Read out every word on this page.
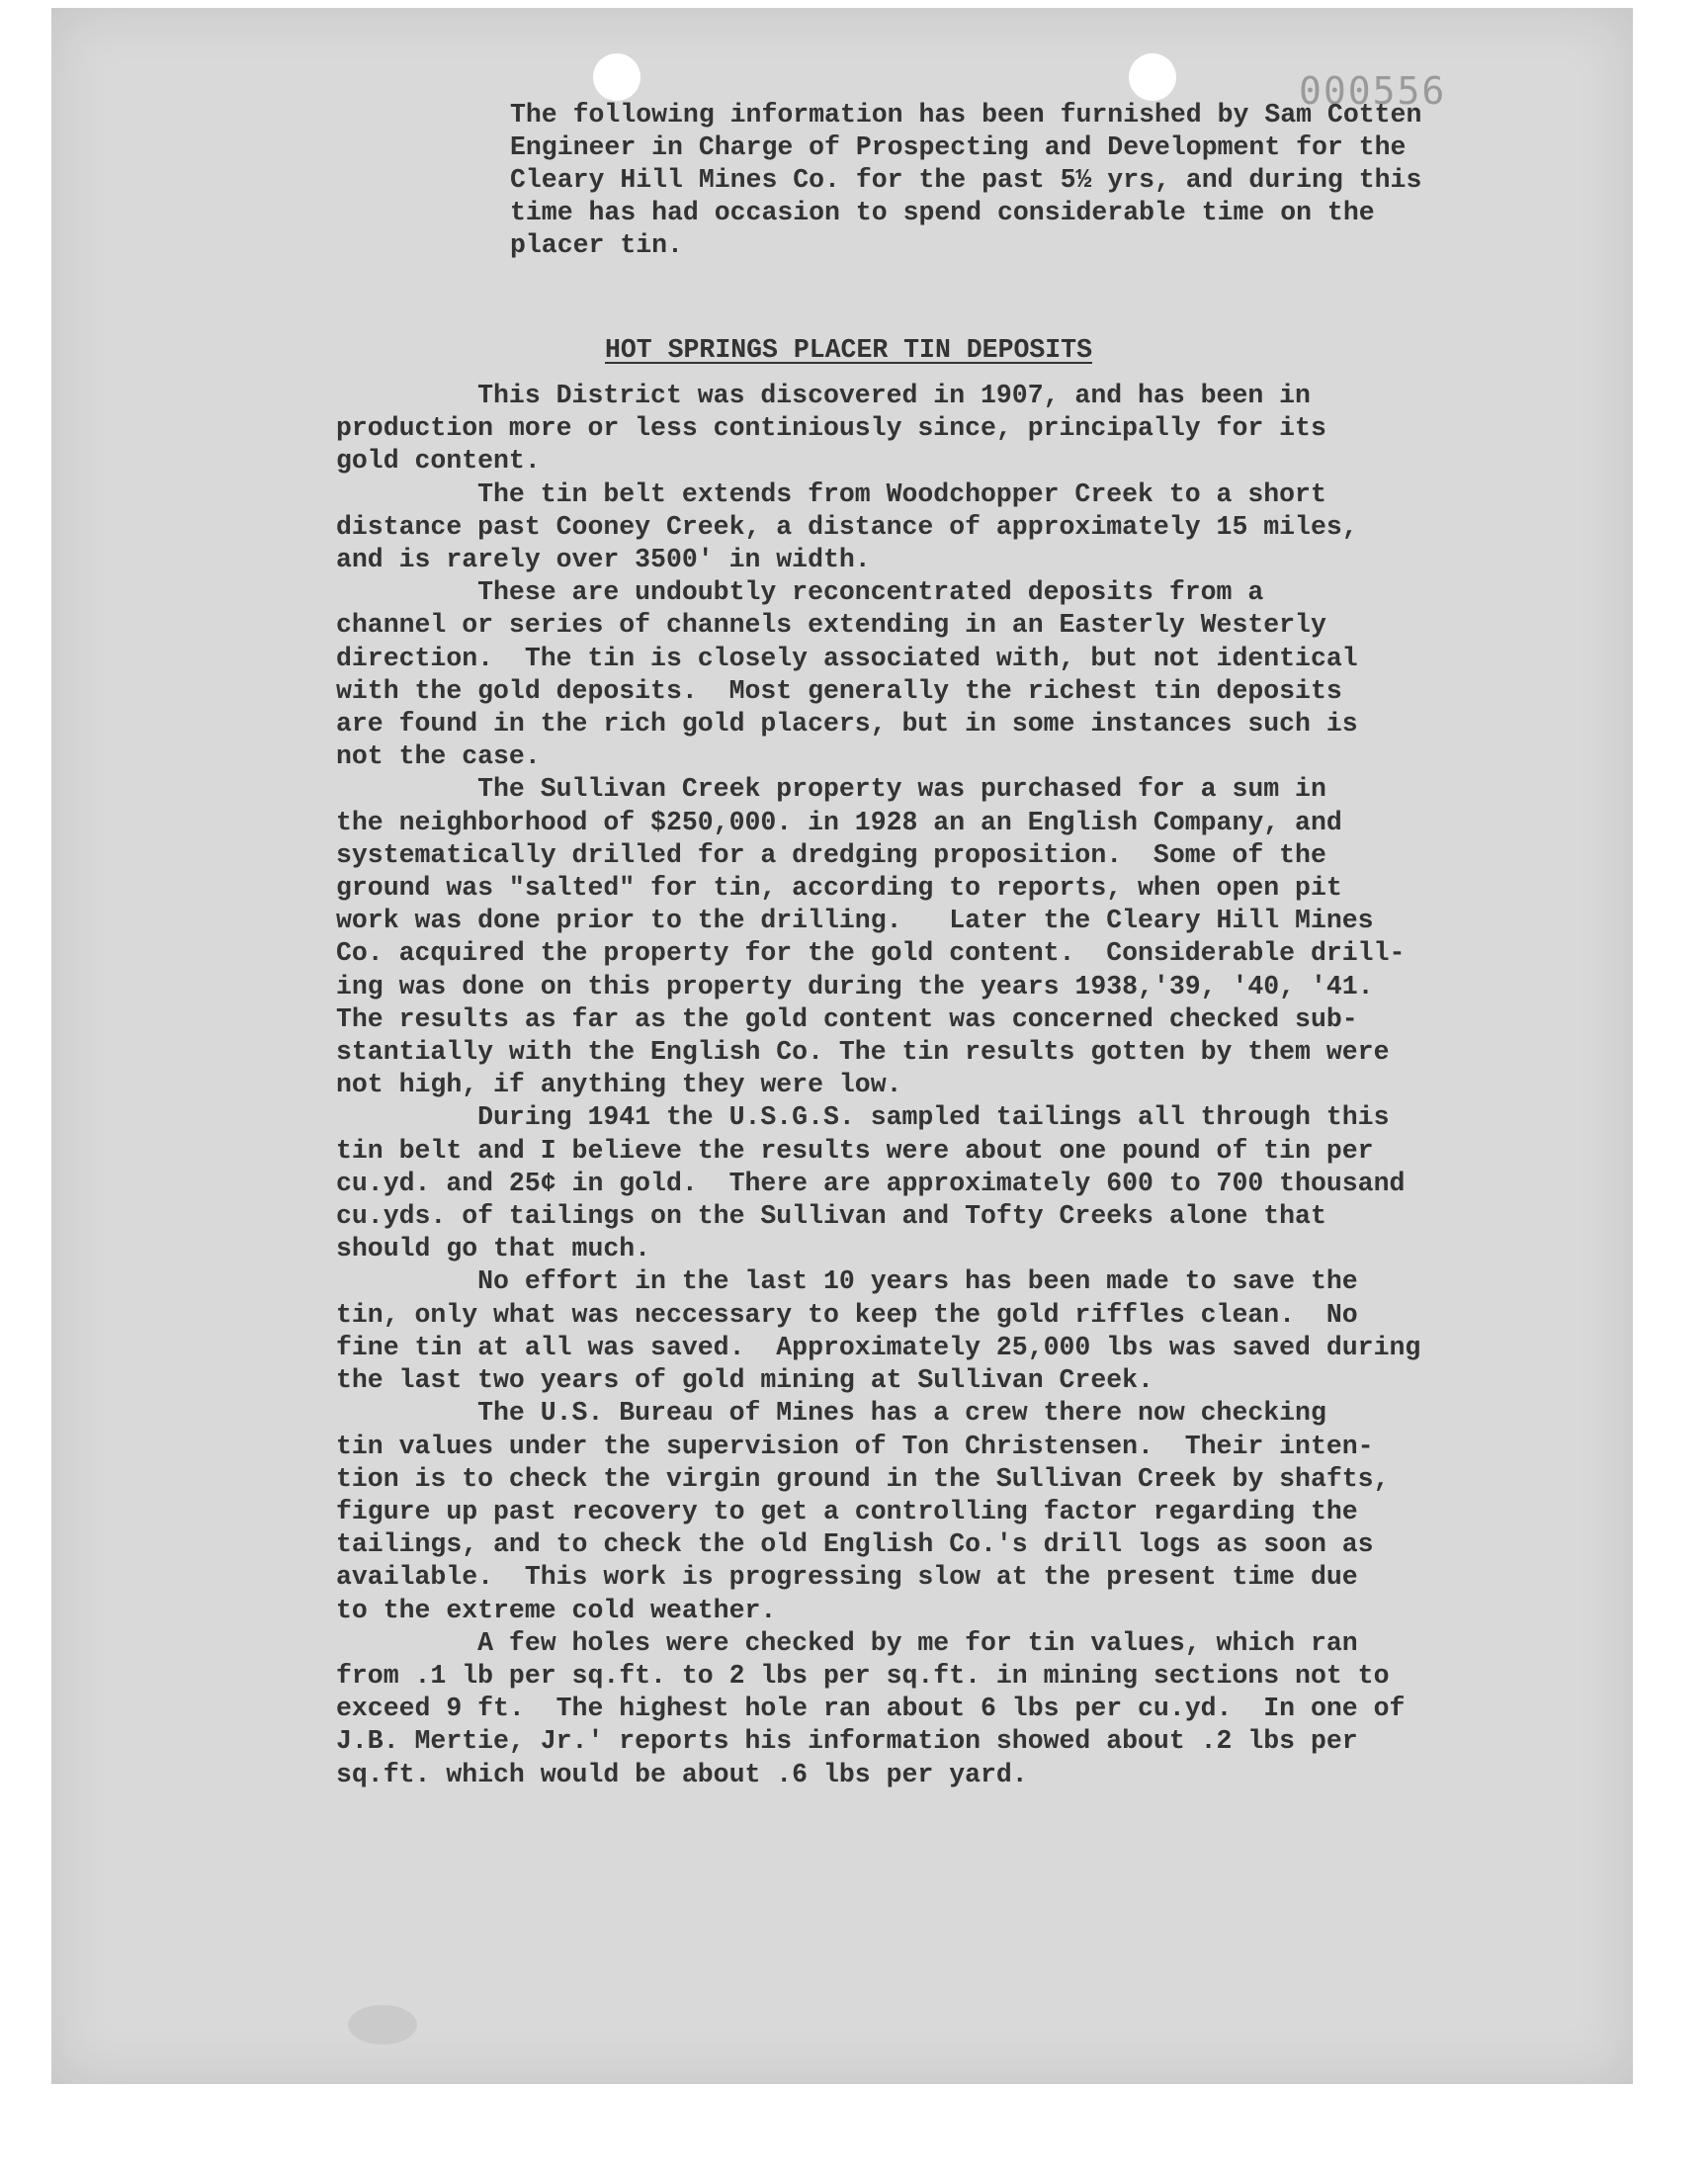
000556
The following information has been furnished by Sam Cotten
Engineer in Charge of Prospecting and Development for the
Cleary Hill Mines Co. for the past 5½ yrs, and during this
time has had occasion to spend considerable time on the
placer tin.
HOT SPRINGS PLACER TIN DEPOSITS
This District was discovered in 1907, and has been in
production more or less continiously since, principally for its
gold content.
The tin belt extends from Woodchopper Creek to a short
distance past Cooney Creek, a distance of approximately 15 miles,
and is rarely over 3500' in width.
These are undoubtly reconcentrated deposits from a
channel or series of channels extending in an Easterly Westerly
direction.  The tin is closely associated with, but not identical
with the gold deposits.  Most generally the richest tin deposits
are found in the rich gold placers, but in some instances such is
not the case.
The Sullivan Creek property was purchased for a sum in
the neighborhood of $250,000. in 1928 an an English Company, and
systematically drilled for a dredging proposition.  Some of the
ground was "salted" for tin, according to reports, when open pit
work was done prior to the drilling.   Later the Cleary Hill Mines
Co. acquired the property for the gold content.  Considerable drill-
ing was done on this property during the years 1938,'39, '40, '41.
The results as far as the gold content was concerned checked sub-
stantially with the English Co. The tin results gotten by them were
not high, if anything they were low.
During 1941 the U.S.G.S. sampled tailings all through this
tin belt and I believe the results were about one pound of tin per
cu.yd. and 25¢ in gold.  There are approximately 600 to 700 thousand
cu.yds. of tailings on the Sullivan and Tofty Creeks alone that
should go that much.
No effort in the last 10 years has been made to save the
tin, only what was neccessary to keep the gold riffles clean.  No
fine tin at all was saved.  Approximately 25,000 lbs was saved during
the last two years of gold mining at Sullivan Creek.
The U.S. Bureau of Mines has a crew there now checking
tin values under the supervision of Ton Christensen.  Their inten-
tion is to check the virgin ground in the Sullivan Creek by shafts,
figure up past recovery to get a controlling factor regarding the
tailings, and to check the old English Co.'s drill logs as soon as
available.  This work is progressing slow at the present time due
to the extreme cold weather.
A few holes were checked by me for tin values, which ran
from .1 lb per sq.ft. to 2 lbs per sq.ft. in mining sections not to
exceed 9 ft.  The highest hole ran about 6 lbs per cu.yd.  In one of
J.B. Mertie, Jr.' reports his information showed about .2 lbs per
sq.ft. which would be about .6 lbs per yard.
